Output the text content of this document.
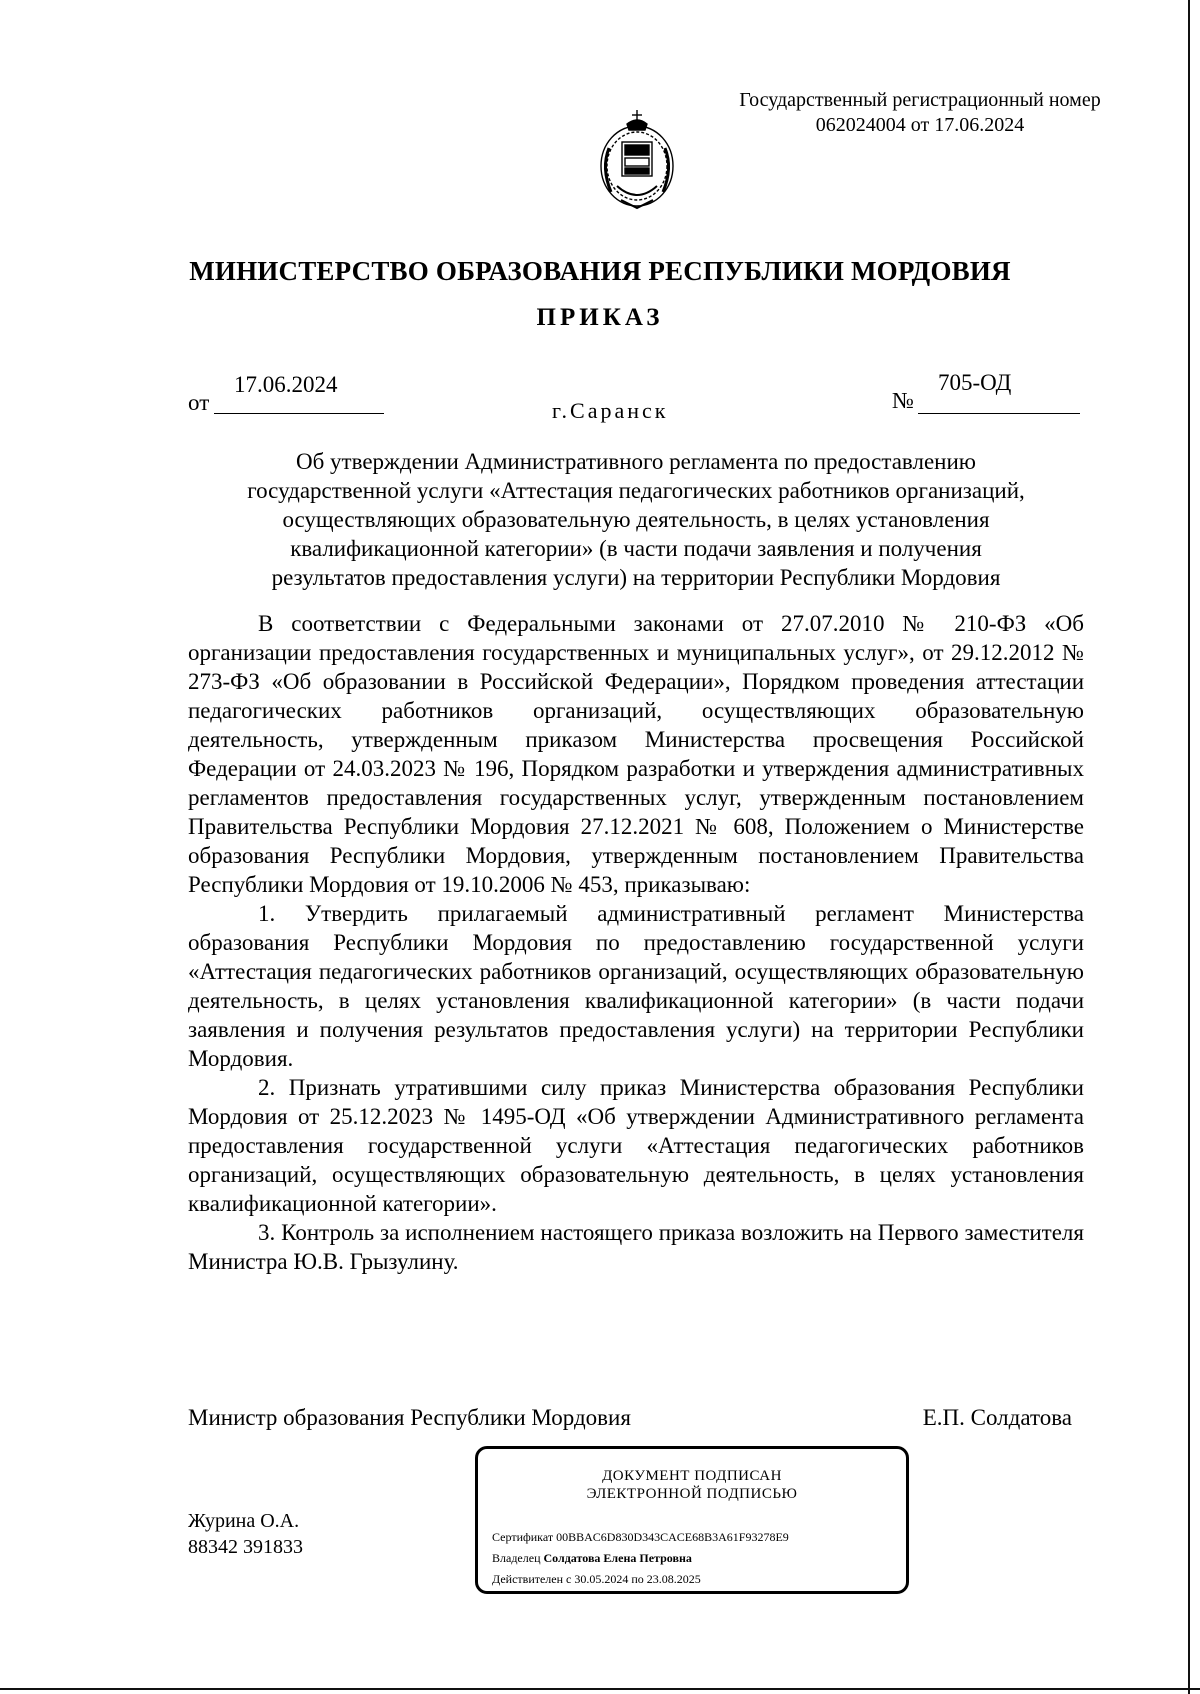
Государственный регистрационный номер
062024004 от 17.06.2024
МИНИСТЕРСТВО ОБРАЗОВАНИЯ РЕСПУБЛИКИ МОРДОВИЯ
ПРИКАЗ
от
17.06.2024
г.Саранск	№
705-ОД
Об утверждении Административного регламента по предоставлению
государственной услуги «Аттестация педагогических работников организаций,
осуществляющих образовательную деятельность, в целях установления
квалификационной категории» (в части подачи заявления и получения
результатов предоставления услуги) на территории Республики Мордовия

В соответствии с Федеральными законами от 27.07.2010 № 210-ФЗ «Об организации предоставления государственных и муниципальных услуг», от 29.12.2012 № 273-ФЗ «Об образовании в Российской Федерации», Порядком проведения аттестации педагогических работников организаций, осуществляющих образовательную деятельность, утвержденным приказом Министерства просвещения Российской Федерации от 24.03.2023 № 196, Порядком разработки и утверждения административных регламентов предоставления государственных услуг, утвержденным постановлением Правительства Республики Мордовия 27.12.2021 № 608, Положением о Министерстве образования Республики Мордовия, утвержденным постановлением Правительства Республики Мордовия от 19.10.2006 № 453, приказываю:

1. Утвердить прилагаемый административный регламент Министерства образования Республики Мордовия по предоставлению государственной услуги «Аттестация педагогических работников организаций, осуществляющих образовательную деятельность, в целях установления квалификационной категории» (в части подачи заявления и получения результатов предоставления услуги) на территории Республики Мордовия.

2. Признать утратившими силу приказ Министерства образования Республики Мордовия от 25.12.2023 № 1495-ОД «Об утверждении Административного регламента предоставления государственной услуги «Аттестация педагогических работников организаций, осуществляющих образовательную деятельность, в целях установления квалификационной категории».

3. Контроль за исполнением настоящего приказа возложить на Первого заместителя Министра Ю.В. Грызулину.

Министр образования Республики Мордовия	Е.П. Солдатова
Журина О.А.
88342 391833
ДОКУМЕНТ ПОДПИСАН
ЭЛЕКТРОННОЙ ПОДПИСЬЮ
Сертификат 00BBAC6D830D343CACE68B3A61F93278E9
Владелец Солдатова Елена Петровна
Действителен с 30.05.2024 по 23.08.2025
